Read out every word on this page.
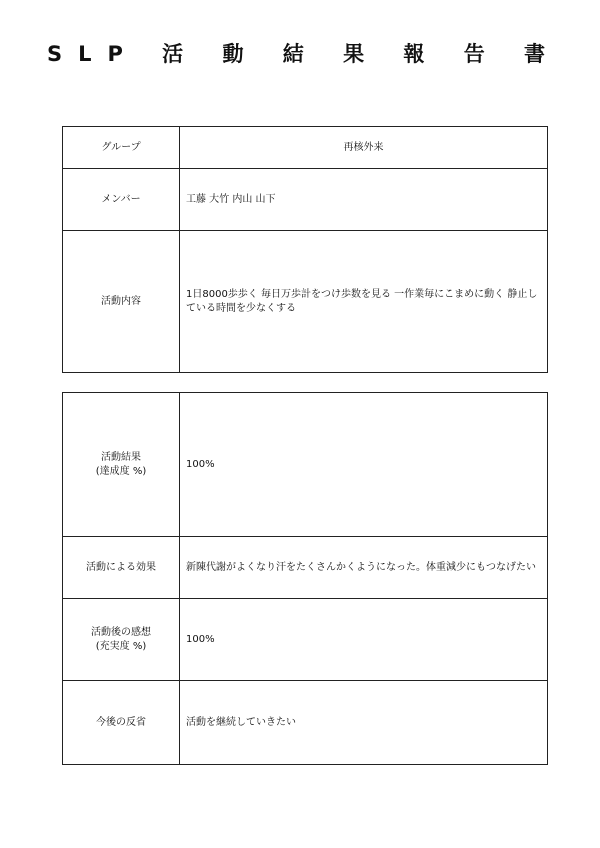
SLP 活 動 結 果 報 告 書
グループ	再核外来
メンバー	工藤 大竹 内山 山下
活動内容	1日8000歩歩く 毎日万歩計をつけ歩数を見る 一作業毎にこまめに動く 静止している時間を少なくする
活動結果
(達成度 %)	100%
活動による効果	新陳代謝がよくなり汗をたくさんかくようになった。体重減少にもつなげたい

活動後の感想
(充実度 %)	100%
今後の反省	活動を継続していきたい
